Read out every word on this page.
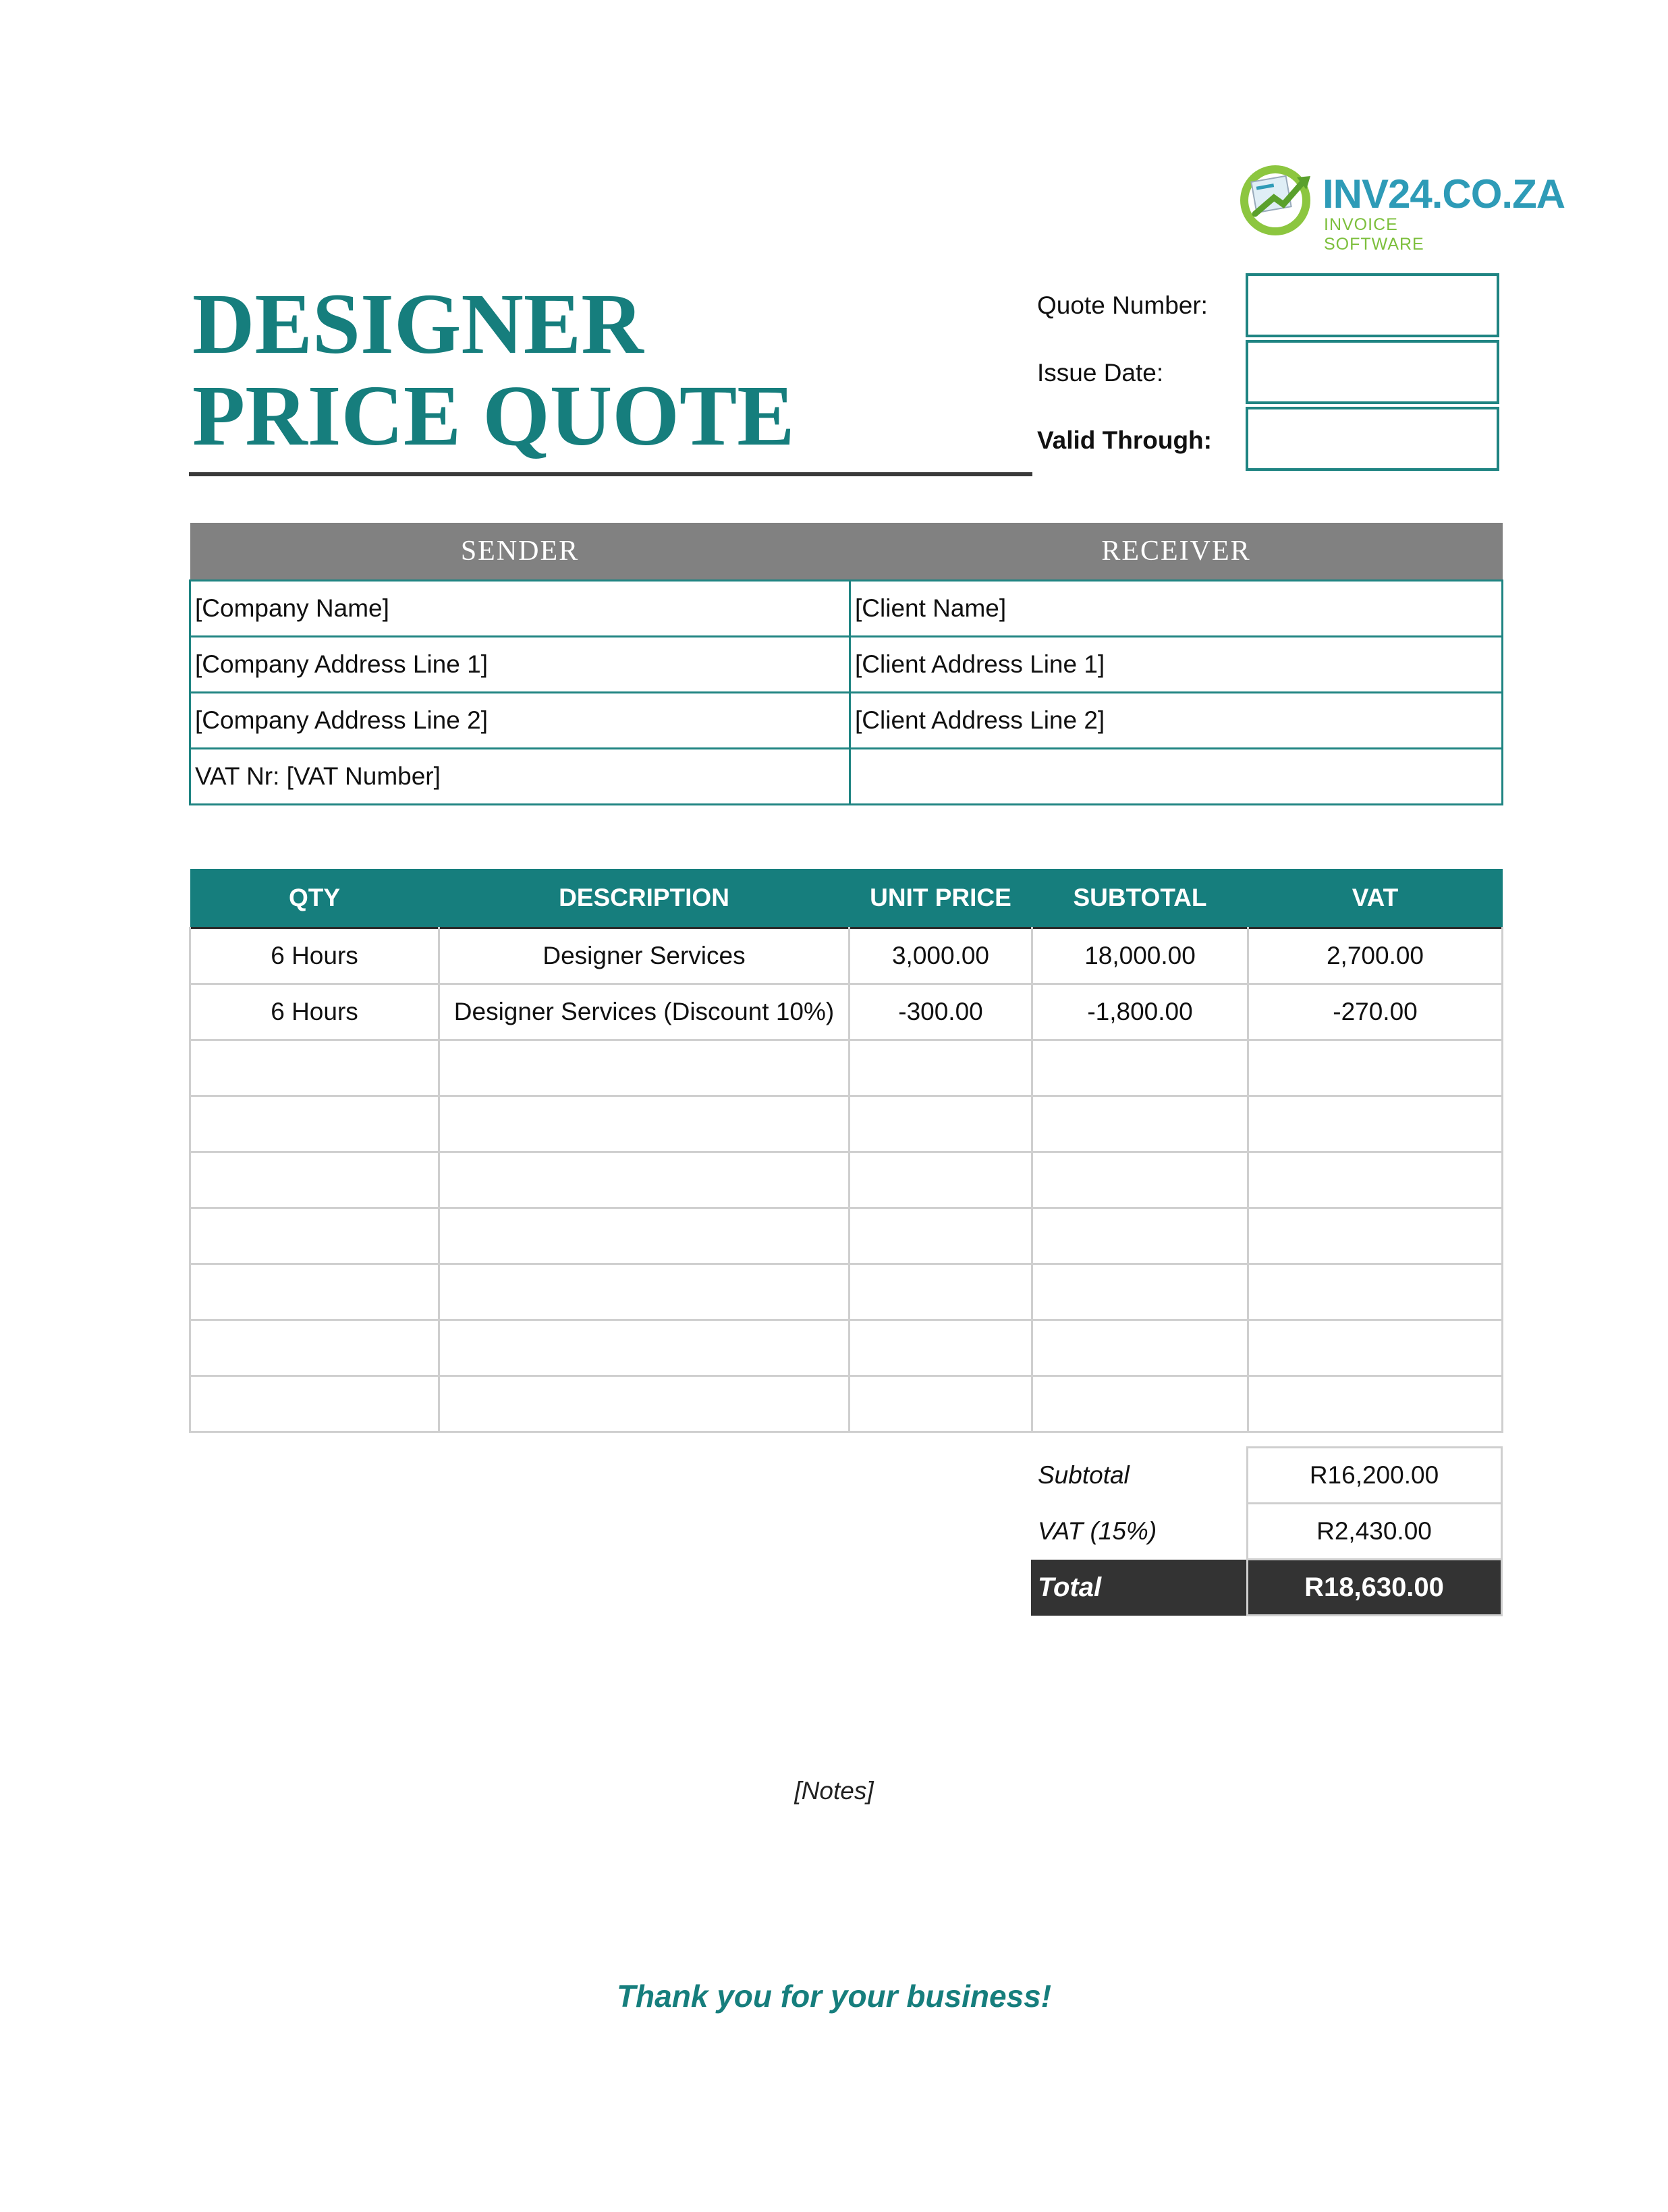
INV24.CO.ZA
INVOICE SOFTWARE
DESIGNER
PRICE QUOTE
Quote Number:
Issue Date:
Valid Through:
SENDER	RECEIVER
[Company Name]	[Client Name]
[Company Address Line 1]	[Client Address Line 1]
[Company Address Line 2]	[Client Address Line 2]
VAT Nr: [VAT Number]	
QTY	DESCRIPTION	UNIT PRICE	SUBTOTAL	VAT
6 Hours	Designer Services	3,000.00	18,000.00	2,700.00
6 Hours	Designer Services (Discount 10%)	-300.00	-1,800.00	-270.00

Subtotal	R16,200.00
VAT (15%)	R2,430.00
Total	R18,630.00
[Notes]
Thank you for your business!
